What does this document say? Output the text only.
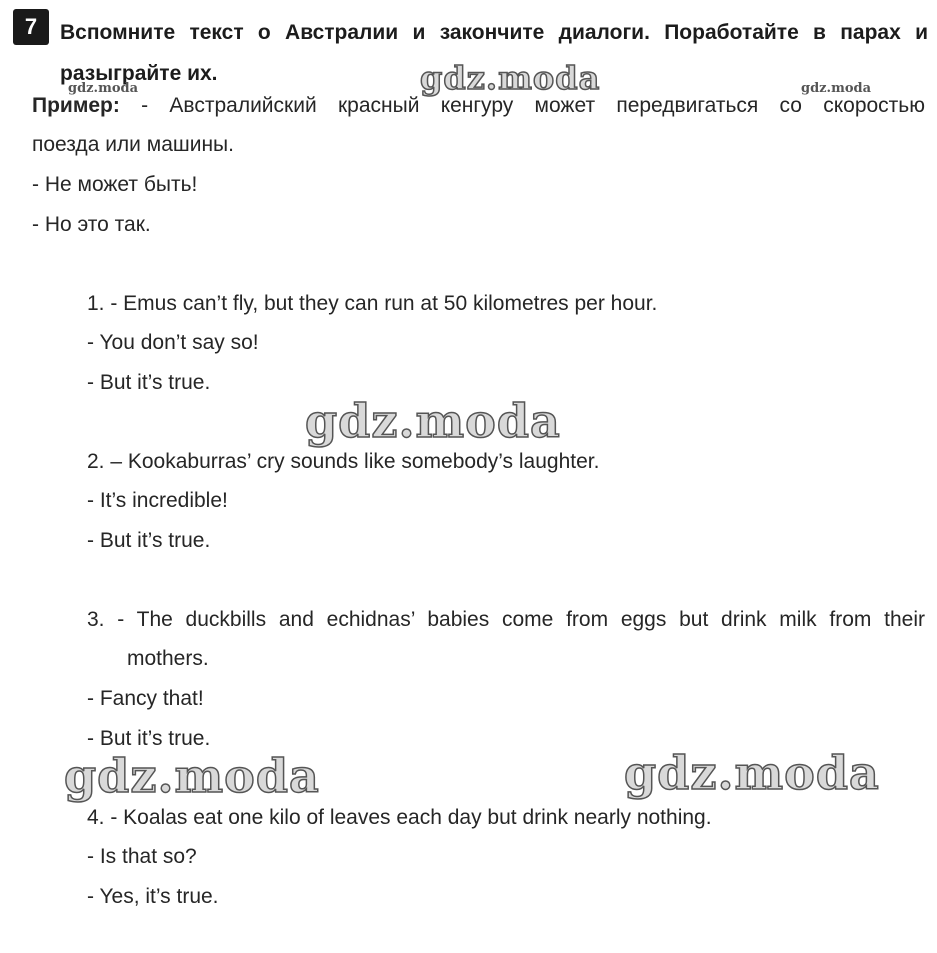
7	Вспомните текст о Австралии и закончите диалоги. Поработайте в парах и разыграйте их.
Пример: - Австралийский красный кенгуру может передвигаться со скоростью
поезда или машины.
- Не может быть!
- Но это так.
1. - Emus can’t fly, but they can run at 50 kilometres per hour.
- You don’t say so!
- But it’s true.
2. – Kookaburras’ cry sounds like somebody’s laughter.
- It’s incredible!
- But it’s true.
3. - The duckbills and echidnas’ babies come from eggs but drink milk from their
mothers.
- Fancy that!
- But it’s true.
4. - Koalas eat one kilo of leaves each day but drink nearly nothing.
- Is that so?
- Yes, it’s true.
gdz.moda	gdz.moda	gdz.moda
gdz.moda
gdz.moda	gdz.moda
